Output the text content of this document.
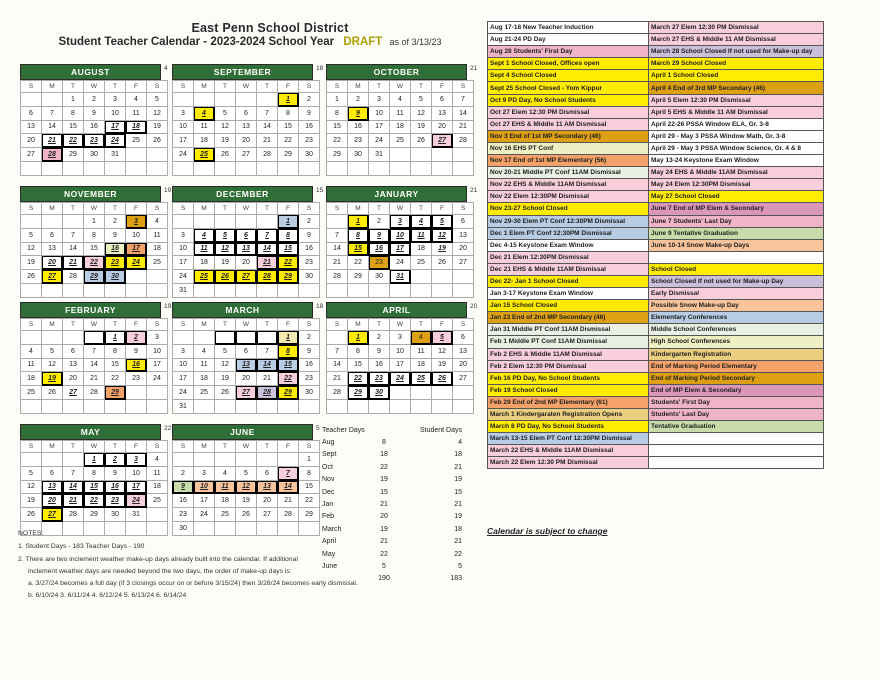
East Penn School District
Student Teacher Calendar - 2023-2024 School Year DRAFT as of 3/13/23
AUGUST	4
S	M	T	W	T	F	S
		1	2	3	4	5
6	7	8	9	10	11	12
13	14	15	16	17	18	19
20	21	22	23	24	25	26
27	28	29	30	31		

SEPTEMBER	18
S	M	T	W	T	F	S
					1	2
3	4	5	6	7	8	9
10	11	12	13	14	15	16
17	18	19	20	21	22	23
24	25	26	27	28	29	30

OCTOBER	21
S	M	T	W	T	F	S
1	2	3	4	5	6	7
8	9	10	11	12	13	14
15	16	17	18	19	20	21
22	23	24	25	26	27	28
29	30	31				

NOVEMBER	19
S	M	T	W	T	F	S
			1	2	3	4
5	6	7	8	9	10	11
12	13	14	15	16	17	18
19	20	21	22	23	24	25
26	27	28	29	30		

DECEMBER	15
S	M	T	W	T	F	S
					1	2
3	4	5	6	7	8	9
10	11	12	13	14	15	16
17	18	19	20	21	22	23
24	25	26	27	28	29	30
31						
JANUARY	21
S	M	T	W	T	F	S
	1	2	3	4	5	6
7	8	9	10	11	12	13
14	15	16	17	18	19	20
21	22	23	24	25	26	27
28	29	30	31			

FEBRUARY	19
S	M	T	W	T	F	S
				1	2	3
4	5	6	7	8	9	10
11	12	13	14	15	16	17
18	19	20	21	22	23	24
25	26	27	28	29		

MARCH	18
S	M	T	W	T	F	S
					1	2
3	4	5	6	7	8	9
10	11	12	13	14	15	16
17	18	19	20	21	22	23
24	25	26	27	28	29	30
31						
APRIL	20
S	M	T	W	T	F	S
	1	2	3	4	5	6
7	8	9	10	11	12	13
14	15	16	17	18	19	20
21	22	23	24	25	26	27
28	29	30				

MAY	22
S	M	T	W	T	F	S
			1	2	3	4
5	6	7	8	9	10	11
12	13	14	15	16	17	18
19	20	21	22	23	24	25
26	27	28	29	30	31	

JUNE	5
S	M	T	W	T	F	S
						1
2	3	4	5	6	7	8
9	10	11	12	13	14	15
16	17	18	19	20	21	22
23	24	25	26	27	28	29
30						
Aug 17-18 New Teacher Induction	March 27 Elem 12:30 PM Dismissal
Aug 21-24 PD Day	March 27 EHS & Middle 11 AM Dismissal
Aug 28 Students' First Day	March 28 School Closed If not used for Make-up day
Sept 1 School Closed, Offices open	March 29 School Closed
Sept 4 School Closed	April 1 School Closed
Sept 25 School Closed - Yom Kippur	April 4 End of 3rd MP Secondary (46)
Oct 9 PD Day, No School Students	April 5 Elem 12:30 PM Dismissal
Oct 27 Elem 12:30 PM Dismissal	April 5 EHS & Middle 11 AM Dismissal
Oct 27 EHS & Middle 11 AM Dismissal	April 22-26 PSSA Window ELA, Gr. 3-8
Nov 3 End of 1st MP Secondary (46)	April 29 - May 3 PSSA Window Math, Gr. 3-8
Nov 16 EHS PT Conf	April 29 - May 3 PSSA Window Science, Gr. 4 & 8
Nov 17 End of 1st MP Elementary (56)	May 13-24 Keystone Exam Window
Nov 20-21 Middle PT Conf 11AM Dismissal	May 24 EHS & Middle 11AM Dismissal
Nov 22 EHS & Middle 11AM Dismissal	May 24 Elem 12:30PM Dismissal
Nov 22 Elem 12:30PM Dismissal	May 27 School Closed
Nov 23-27 School Closed	June 7 End of MP Elem & Secondary
Nov 29-30 Elem PT Conf 12:30PM Dismissal	June 7 Students' Last Day
Dec 1 Elem PT Conf 12:30PM Dismissal	June 9 Tentative Graduation
Dec 4-15 Keystone Exam Window	June 10-14 Snow Make-up Days
Dec 21 Elem 12:30PM Dismissal	
Dec 21 EHS & Middle 11AM Dismissal	School Closed
Dec 22- Jan 1 School Closed	School Closed If not used for Make-up Day
Jan 3-17 Keystone Exam Window	Early Dismissal
Jan 15 School Closed	Possible Snow Make-up Day
Jan 23 End of 2nd MP Secondary (46)	Elementary Conferences
Jan 31 Middle PT Conf 11AM Dismissal	Middle School Conferences
Feb 1 Middle PT Conf 11AM Dismissal	High School Conferences
Feb 2 EHS & Middle 11AM Dismissal	Kindergarten Registration
Feb 2 Elem 12:30 PM Dismissal	End of Marking Period Elementary
Feb 16 PD Day, No School Students	End of Marking Period Secondary
Feb 19 School Closed	End of MP Elem & Secondary
Feb 29 End of 2nd MP Elementary (61)	Students' First Day
March 1 Kindergaraten Registration Opens	Students' Last Day
March 8 PD Day, No School Students	Tentative Graduation
March 13-15 Elem PT Conf 12:30PM Dismissal	
March 22 EHS & Middle 11AM Dismissal	
March 22 Elem 12:30 PM Dismissal	
Teacher Days		Student Days
Aug	8	4
Sept	18	18
Oct	22	21
Nov	19	19
Dec	15	15
Jan	21	21
Feb	20	19
March	19	18
April	21	21
May	22	22
June	5	5
	190	183
NOTES:
1. Student Days - 183 Teacher Days - 190
2. There are two inclement weather make-up days already built into the calendar. If additional
inclement weather days are needed beyond the two days, the order of make-up days is:
a. 3/27/24 becomes a full day (if 3 closings occur on or before 3/15/24) then 3/28/24 becomes early dismissal.
b. 6/10/24 3. 6/11/24 4. 6/12/24 5. 6/13/24 6. 6/14/24
Calendar is subject to change
